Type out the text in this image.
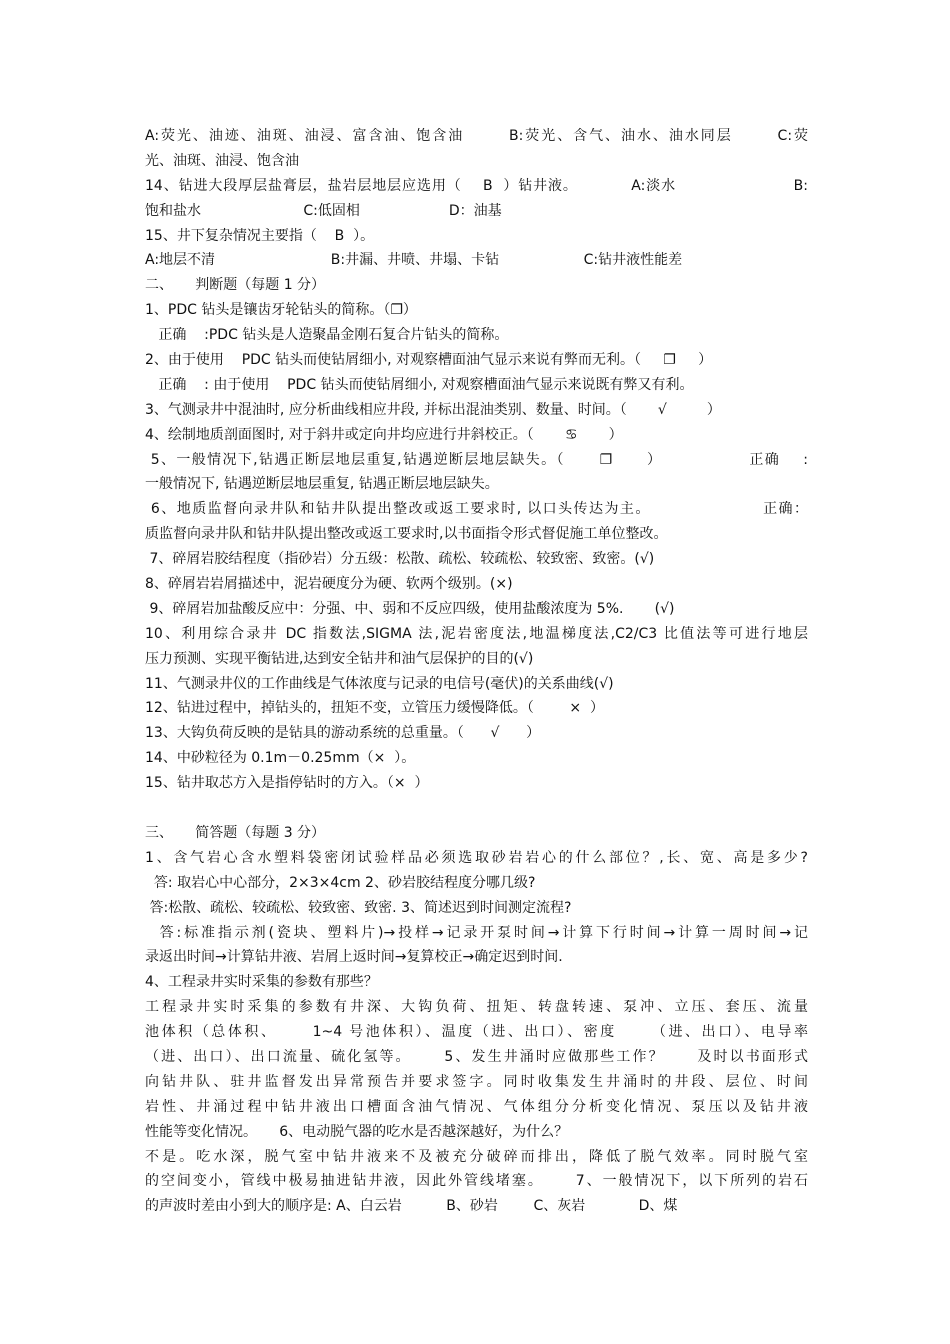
A:荧光、油迹、油斑、油浸、富含油、饱含油       B:荧光、含气、油水、油水同层       C:荧
光、油斑、油浸、饱含油
14、钻进大段厚层盐膏层，盐岩层地层应选用（    B  ）钻井液。          A:淡水                      B:
饱和盐水                       C:低固相                    D：油基
15、井下复杂情况主要指（    B  ）。
A:地层不清                          B:井漏、井喷、井塌、卡钻                   C:钻井液性能差
二、     判断题（每题 1 分）
1、PDC 钻头是镶齿牙轮钻头的简称。（❐）
正确    :PDC 钻头是人造聚晶金刚石复合片钻头的简称。
2、由于使用    PDC 钻头而使钻屑细小, 对观察槽面油气显示来说有弊而无利。（     ❐     ）
正确    : 由于使用    PDC 钻头而使钻屑细小, 对观察槽面油气显示来说既有弊又有利。
3、气测录井中混油时, 应分析曲线相应井段, 并标出混油类别、数量、时间。（       √         ）
4、绘制地质剖面图时, 对于斜井或定向井均应进行井斜校正。（       ♋       ）
5、一般情况下,钻遇正断层地层重复,钻遇逆断层地层缺失。（      ❐      ）               正确    :
一般情况下, 钻遇逆断层地层重复, 钻遇正断层地层缺失。
6、地质监督向录井队和钻井队提出整改或返工要求时, 以口头传达为主。                   正确：
质监督向录井队和钻井队提出整改或返工要求时,以书面指令形式督促施工单位整改。
7、碎屑岩胶结程度（指砂岩）分五级：松散、疏松、较疏松、较致密、致密。(√)
8、碎屑岩岩屑描述中，泥岩硬度分为硬、软两个级别。(×)
9、碎屑岩加盐酸反应中：分强、中、弱和不反应四级，使用盐酸浓度为 5%.       (√)
10、利用综合录井 DC 指数法,SIGMA 法,泥岩密度法,地温梯度法,C2/C3 比值法等可进行地层
压力预测、实现平衡钻进,达到安全钻井和油气层保护的目的(√)
11、气测录井仪的工作曲线是气体浓度与记录的电信号(毫伏)的关系曲线(√)
12、钻进过程中，掉钻头的，扭矩不变，立管压力缓慢降低。（        ×  ）
13、大钩负荷反映的是钻具的游动系统的总重量。（      √      ）
14、中砂粒径为 0.1m－0.25mm（×  ）。
15、钻井取芯方入是指停钻时的方入。（×  ）
三、     简答题（每题 3 分）
1、含气岩心含水塑料袋密闭试验样品必须选取砂岩岩心的什么部位？,长、宽、高是多少?
答: 取岩心中心部分，2×3×4cm 2、砂岩胶结程度分哪几级?
答:松散、疏松、较疏松、较致密、致密. 3、简述迟到时间测定流程?
答:标准指示剂(瓷块、塑料片)→投样→记录开泵时间→计算下行时间→计算一周时间→记
录返出时间→计算钻井液、岩屑上返时间→复算校正→确定迟到时间.
4、工程录井实时采集的参数有那些？
工程录井实时采集的参数有井深、大钩负荷、扭矩、转盘转速、泵冲、立压、套压、流量
池体积（总体积、     1~4 号池体积）、温度（进、出口）、密度     （进、出口）、电导率
（进、出口）、出口流量、硫化氢等。     5、发生井涌时应做那些工作？     及时以书面形式
向钻井队、驻井监督发出异常预告并要求签字。同时收集发生井涌时的井段、层位、时间
岩性、井涌过程中钻井液出口槽面含油气情况、气体组分分析变化情况、泵压以及钻井液
性能等变化情况。     6、电动脱气器的吃水是否越深越好，为什么？
不是。吃水深，脱气室中钻井液来不及被充分破碎而排出，降低了脱气效率。同时脱气室
的空间变小，管线中极易抽进钻井液，因此外管线堵塞。     7、一般情况下，以下所列的岩石
的声波时差由小到大的顺序是: A、白云岩          B、砂岩        C、灰岩            D、煤
